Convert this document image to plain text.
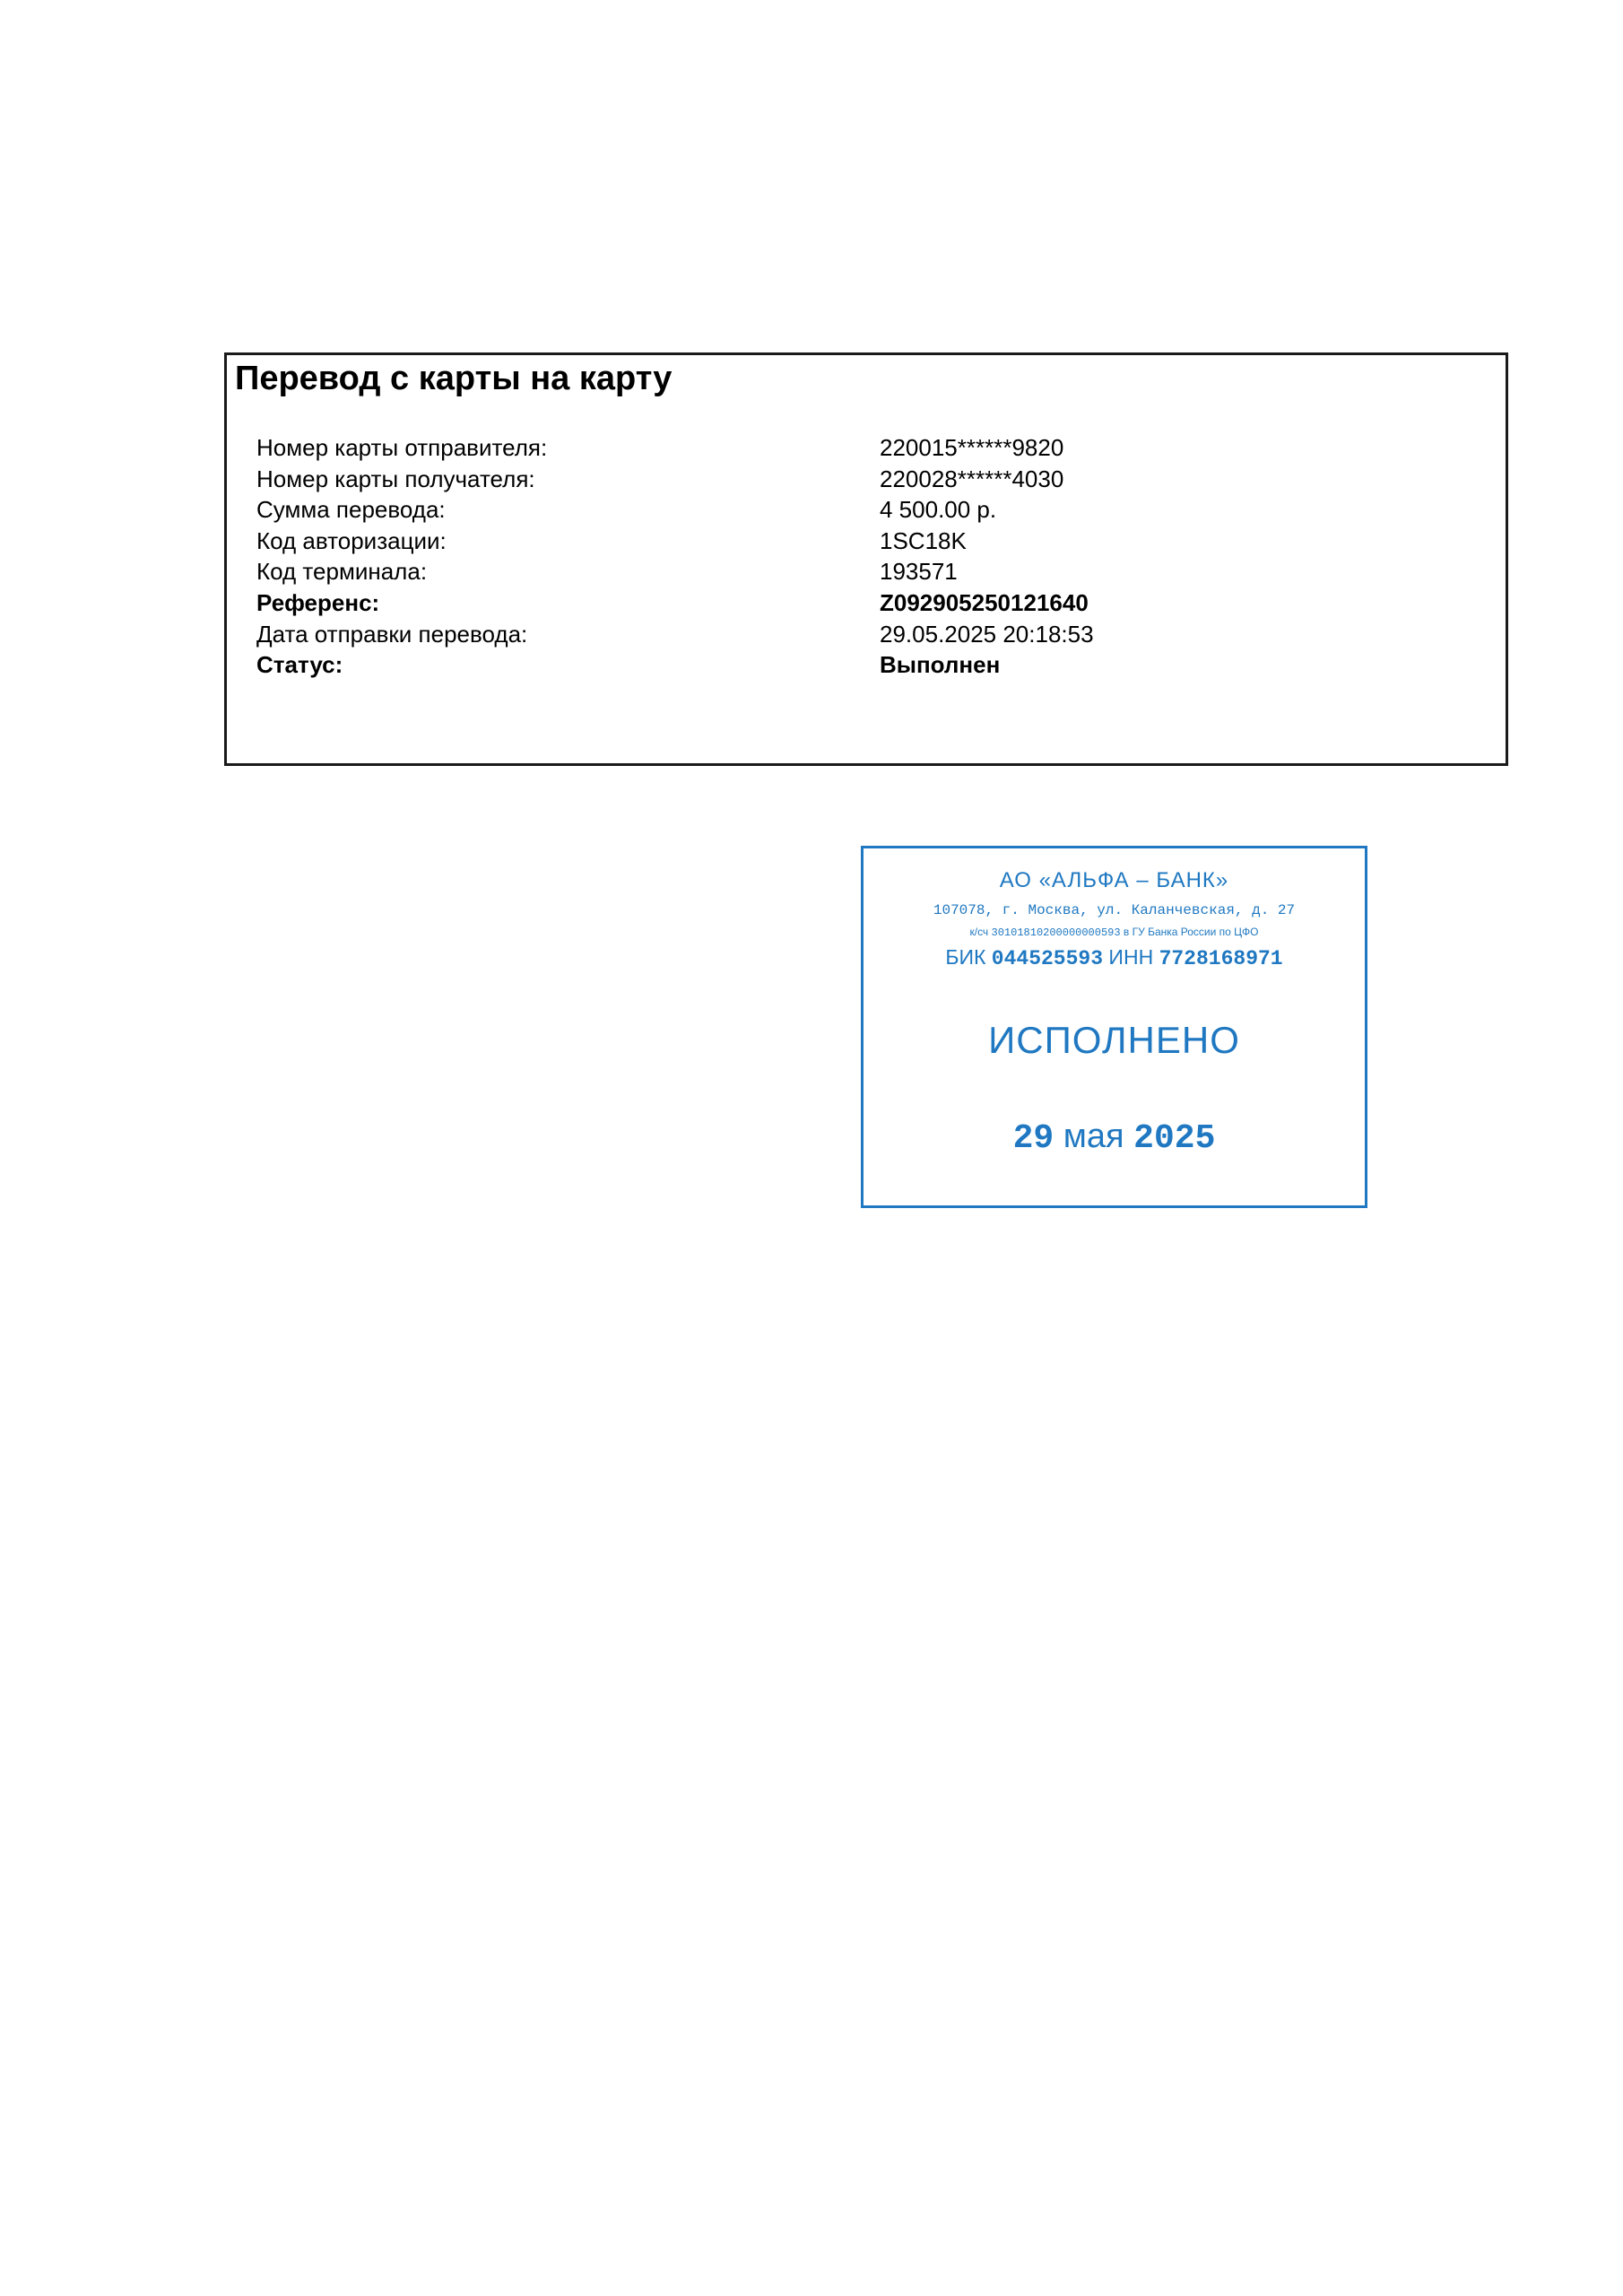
Перевод с карты на карту
Номер карты отправителя:	220015******9820
Номер карты получателя:	220028******4030
Сумма перевода:	4 500.00 р.
Код авторизации:	1SC18K
Код терминала:	193571
Референс:	Z092905250121640
Дата отправки перевода:	29.05.2025 20:18:53
Статус:	Выполнен
АО «АЛЬФА – БАНК»
107078, г. Москва, ул. Каланчевская, д. 27
к/сч 30101810200000000593 в ГУ Банка России по ЦФО
БИК 044525593 ИНН 7728168971
ИСПОЛНЕНО
29 мая 2025
